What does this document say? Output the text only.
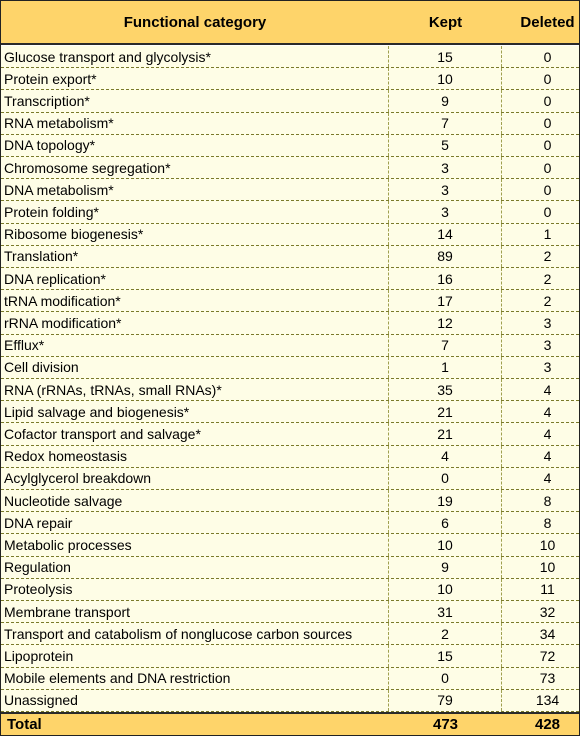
Functional category	Kept	Deleted
Glucose transport and glycolysis*	15	0
Protein export*	10	0
Transcription*	9	0
RNA metabolism*	7	0
DNA topology*	5	0
Chromosome segregation*	3	0
DNA metabolism*	3	0
Protein folding*	3	0
Ribosome biogenesis*	14	1
Translation*	89	2
DNA replication*	16	2
tRNA modification*	17	2
rRNA modification*	12	3
Efflux*	7	3
Cell division	1	3
RNA (rRNAs, tRNAs, small RNAs)*	35	4
Lipid salvage and biogenesis*	21	4
Cofactor transport and salvage*	21	4
Redox homeostasis	4	4
Acylglycerol breakdown	0	4
Nucleotide salvage	19	8
DNA repair	6	8
Metabolic processes	10	10
Regulation	9	10
Proteolysis	10	11
Membrane transport	31	32
Transport and catabolism of nonglucose carbon sources	2	34
Lipoprotein	15	72
Mobile elements and DNA restriction	0	73
Unassigned	79	134
Total	473	428
